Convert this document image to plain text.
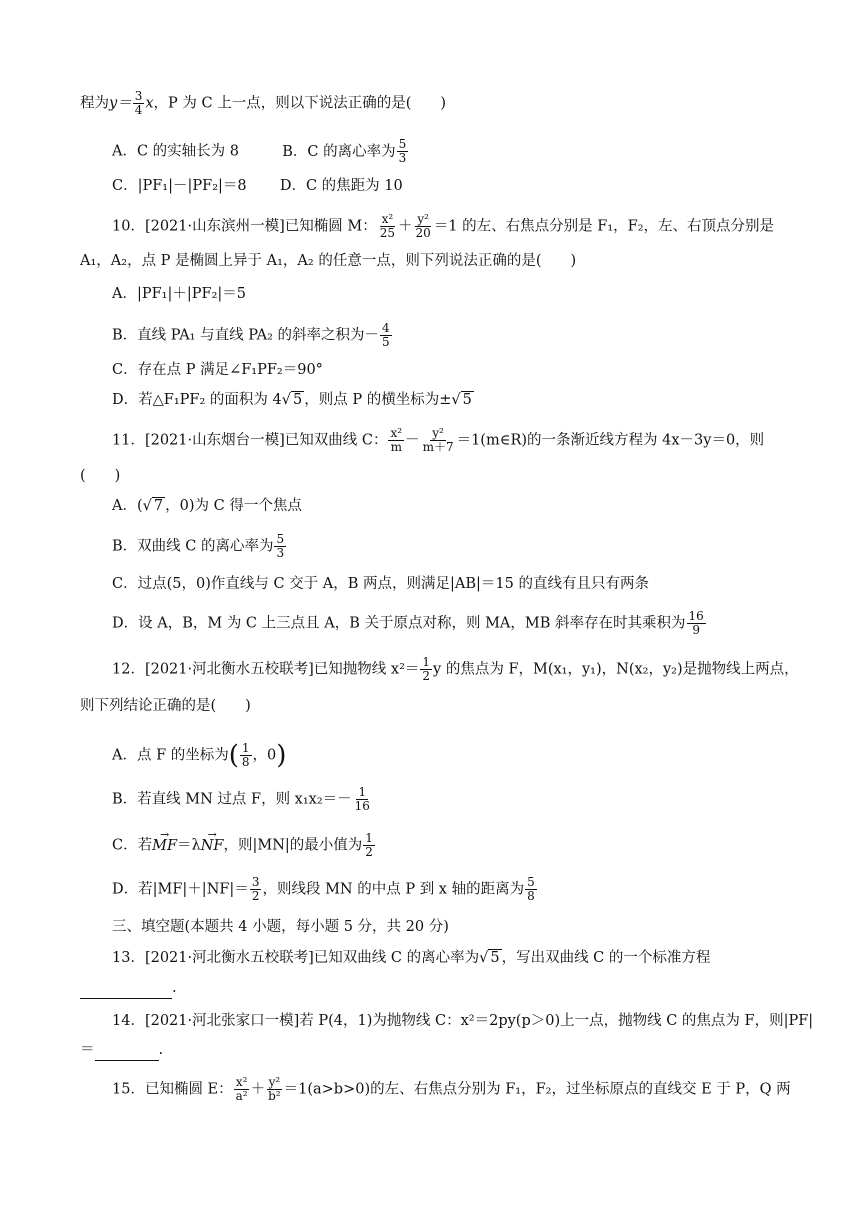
程为$y= \frac{3}{4}$ x，P 为 C 上一点，则以下说法正确的是(　　)
A．C 的实轴长为 8	B．C 的离心率为 $\frac{5}{3}$
C．|PF₁|－|PF₂|＝8 D．C 的焦距为 10
10．[2021·山东滨州一模]已知椭圆 M： $\frac{\text{x²}}{25} + \frac{\text{y²}}{20} =1$ 的左、右焦点分别是 F₁，F₂，左、右顶点分别是
A₁，A₂，点 P 是椭圆上异于 A₁，A₂ 的任意一点，则下列说法正确的是(　　)
A．|PF₁|＋|PF₂|＝5
B．直线 PA₁ 与直线 PA₂ 的斜率之积为－ $\frac{4}{5}$
C．存在点 P 满足∠F₁PF₂＝90°
D．若△F₁PF₂ 的面积为 4√ 5 ，则点 P 的横坐标为±√ 5
11．[2021·山东烟台一模]已知双曲线 C： $\frac{\text{x²}}{m} - \frac{\text{y²}}{m+7}$ ＝1(m∈R)的一条渐近线方程为 4x－3y＝0，则
(　　)
A．(√ 7 ，0)为 C 得一个焦点
B．双曲线 C 的离心率为 $\frac{5}{3}$
C．过点(5，0)作直线与 C 交于 A，B 两点，则满足|AB|＝15 的直线有且只有两条
D．设 A，B，M 为 C 上三点且 A，B 关于原点对称，则 MA，MB 斜率存在时其乘积为 $\frac{16}{9}$
12．[2021·河北衡水五校联考]已知抛物线 $x^2= \frac{1}{2}$ y 的焦点为 F，M(x₁，y₁)，N(x₂，y₂)是抛物线上两点，
则下列结论正确的是(　　)
A．点 F 的坐标为( $\frac{1}{8}$ ，0)
B．若直线 MN 过点 F，则 $x_1x_2=- \frac{1}{16}$
C．若→ MF＝λ→ NF，则|MN|的最小值为 $\frac{1}{2}$
D．若$|MF|+|NF|= \frac{3}{2}$ ，则线段 MN 的中点 P 到 x 轴的距离为 $\frac{5}{8}$
三、填空题(本题共 4 小题，每小题 5 分，共 20 分)
13．[2021·河北衡水五校联考]已知双曲线 C 的离心率为√ 5 ，写出双曲线 C 的一个标准方程
.
14．[2021·河北张家口一模]若 P(4，1)为抛物线 C：x²＝2py(p＞0)上一点，抛物线 C 的焦点为 F，则|PF|
＝	.
15．已知椭圆 E： $\frac{\text{x²}}{\text{a²}} + \frac{\text{y²}}{\text{b²}} =1(a>b>0)$的左、右焦点分别为 F₁，F₂，过坐标原点的直线交 E 于 P，Q 两
